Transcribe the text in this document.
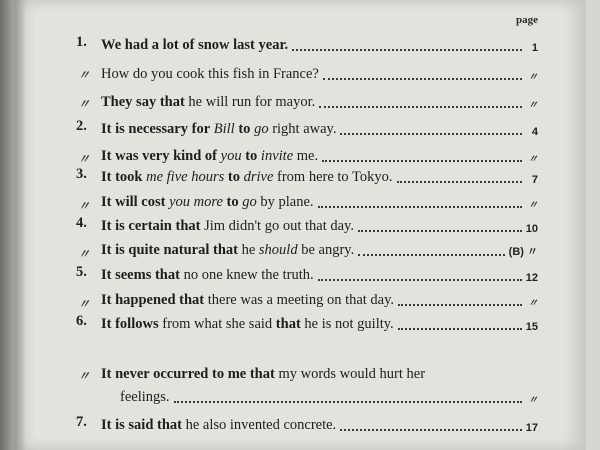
page
1. We had a lot of snow last year.	1
〃 How do you cook this fish in France?	〃
〃 They say that he will run for mayor.	〃
2. It is necessary for Bill to go right away.	4
〃 It was very kind of you to invite me.	〃
3. It took me five hours to drive from here to Tokyo.	7
〃 It will cost you more to go by plane.	〃
4. It is certain that Jim didn't go out that day.	10
〃 It is quite natural that he should be angry.	(B) 〃
5. It seems that no one knew the truth.	12
〃 It happened that there was a meeting on that day.	〃
6. It follows from what she said that he is not guilty.	15
〃 It never occurred to me that my words would hurt her
feelings.	〃
7. It is said that he also invented concrete.	17
